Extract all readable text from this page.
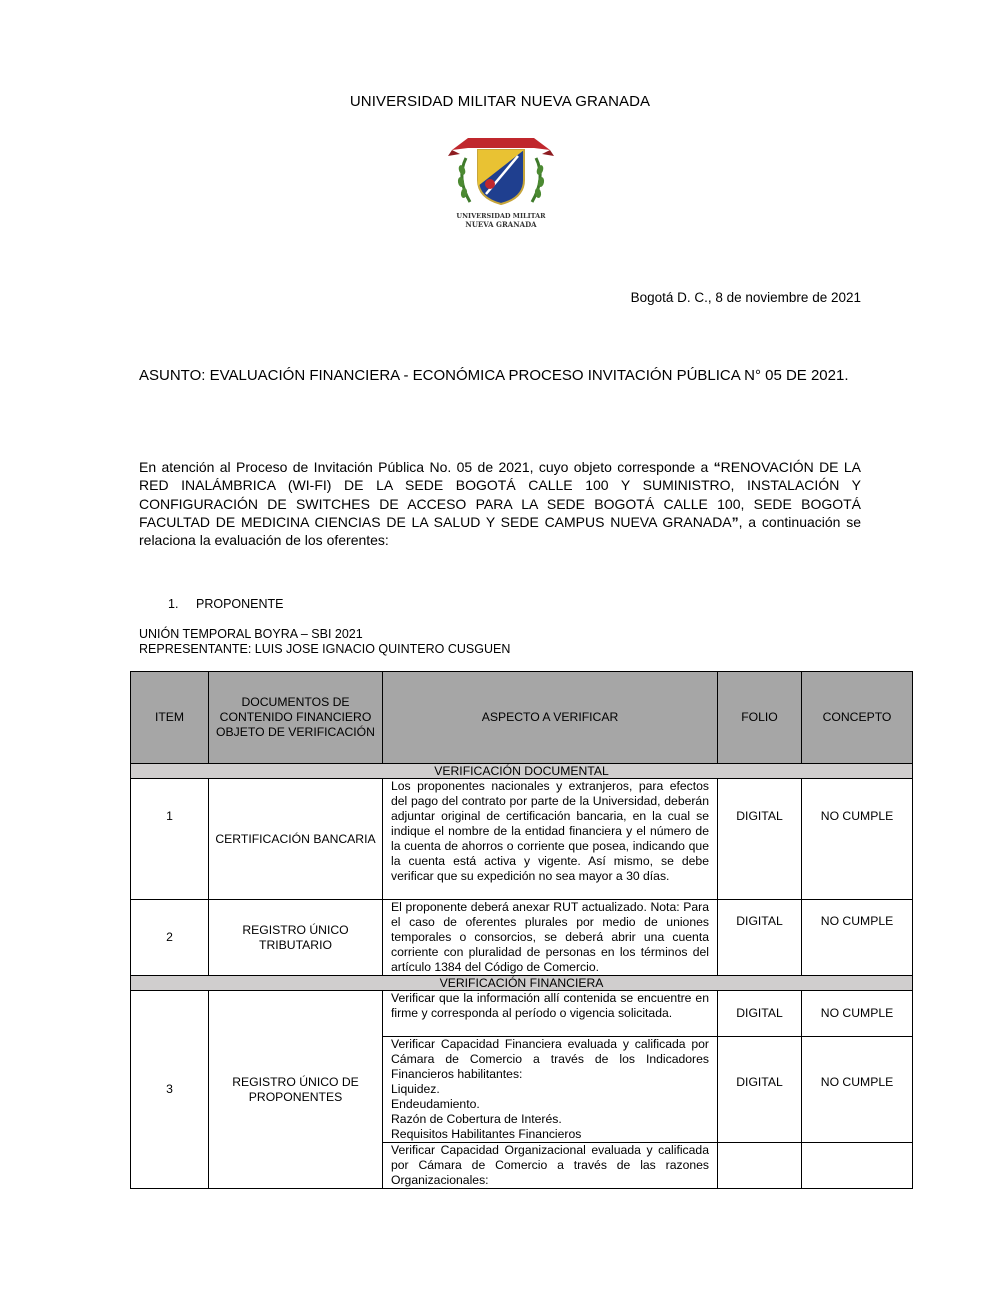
UNIVERSIDAD MILITAR NUEVA GRANADA
UNIVERSIDAD MILITAR
NUEVA GRANADA
Bogotá D. C., 8 de noviembre de 2021
ASUNTO: EVALUACIÓN FINANCIERA - ECONÓMICA PROCESO INVITACIÓN PÚBLICA N° 05 DE 2021.
En atención al Proceso de Invitación Pública No. 05 de 2021, cuyo objeto corresponde a “RENOVACIÓN DE LA RED INALÁMBRICA (WI-FI) DE LA SEDE BOGOTÁ CALLE 100 Y SUMINISTRO, INSTALACIÓN Y CONFIGURACIÓN DE SWITCHES DE ACCESO PARA LA SEDE BOGOTÁ CALLE 100, SEDE BOGOTÁ FACULTAD DE MEDICINA CIENCIAS DE LA SALUD Y SEDE CAMPUS NUEVA GRANADA”, a continuación se relaciona la evaluación de los oferentes:
1. PROPONENTE
UNIÓN TEMPORAL BOYRA – SBI 2021
REPRESENTANTE: LUIS JOSE IGNACIO QUINTERO CUSGUEN
ITEM	DOCUMENTOS DE CONTENIDO FINANCIERO OBJETO DE VERIFICACIÓN	ASPECTO A VERIFICAR	FOLIO	CONCEPTO
VERIFICACIÓN DOCUMENTAL				
1	CERTIFICACIÓN BANCARIA	Los proponentes nacionales y extranjeros, para efectos del pago del contrato por parte de la Universidad, deberán adjuntar original de certificación bancaria, en la cual se indique el nombre de la entidad financiera y el número de la cuenta de ahorros o corriente que posea, indicando que la cuenta está activa y vigente. Así mismo, se debe verificar que su expedición no sea mayor a 30 días.	DIGITAL	NO CUMPLE
2	REGISTRO ÚNICO TRIBUTARIO	El proponente deberá anexar RUT actualizado. Nota: Para el caso de oferentes plurales por medio de uniones temporales o consorcios, se deberá abrir una cuenta corriente con pluralidad de personas en los términos del artículo 1384 del Código de Comercio.	DIGITAL	NO CUMPLE
VERIFICACIÓN FINANCIERA				
3	REGISTRO ÚNICO DE PROPONENTES	Verificar que la información allí contenida se encuentre en firme y corresponda al período o vigencia solicitada.	DIGITAL	NO CUMPLE

		Verificar Capacidad Financiera evaluada y calificada por Cámara de Comercio a través de los Indicadores Financieros habilitantes:
Liquidez.
Endeudamiento.
Razón de Cobertura de Interés.
Requisitos Habilitantes Financieros	DIGITAL	NO CUMPLE
		Verificar Capacidad Organizacional evaluada y calificada por Cámara de Comercio a través de las razones Organizacionales:		
